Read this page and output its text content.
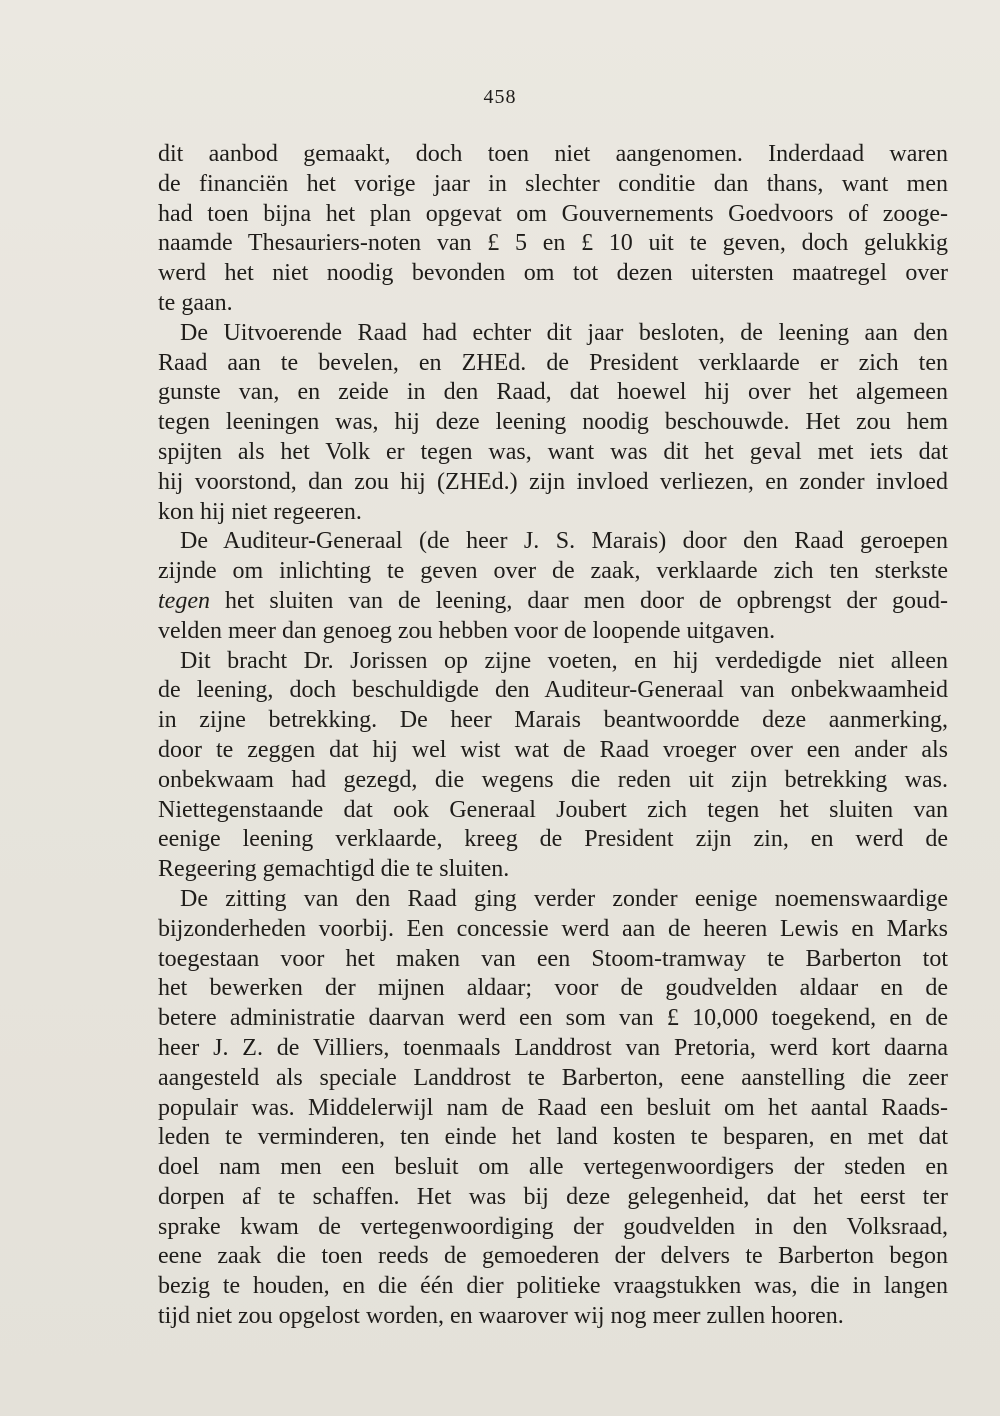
458
dit aanbod gemaakt, doch toen niet aangenomen. Inderdaad waren
de financiën het vorige jaar in slechter conditie dan thans, want men
had toen bijna het plan opgevat om Gouvernements Goedvoors of zooge-
naamde Thesauriers-noten van £ 5 en £ 10 uit te geven, doch gelukkig
werd het niet noodig bevonden om tot dezen uitersten maatregel over
te gaan.
De Uitvoerende Raad had echter dit jaar besloten, de leening aan den
Raad aan te bevelen, en ZHEd. de President verklaarde er zich ten
gunste van, en zeide in den Raad, dat hoewel hij over het algemeen
tegen leeningen was, hij deze leening noodig beschouwde. Het zou hem
spijten als het Volk er tegen was, want was dit het geval met iets dat
hij voorstond, dan zou hij (ZHEd.) zijn invloed verliezen, en zonder invloed
kon hij niet regeeren.
De Auditeur-Generaal (de heer J. S. Marais) door den Raad geroepen
zijnde om inlichting te geven over de zaak, verklaarde zich ten sterkste
tegen het sluiten van de leening, daar men door de opbrengst der goud-
velden meer dan genoeg zou hebben voor de loopende uitgaven.
Dit bracht Dr. Jorissen op zijne voeten, en hij verdedigde niet alleen
de leening, doch beschuldigde den Auditeur-Generaal van onbekwaamheid
in zijne betrekking. De heer Marais beantwoordde deze aanmerking,
door te zeggen dat hij wel wist wat de Raad vroeger over een ander als
onbekwaam had gezegd, die wegens die reden uit zijn betrekking was.
Niettegenstaande dat ook Generaal Joubert zich tegen het sluiten van
eenige leening verklaarde, kreeg de President zijn zin, en werd de
Regeering gemachtigd die te sluiten.
De zitting van den Raad ging verder zonder eenige noemenswaardige
bijzonderheden voorbij. Een concessie werd aan de heeren Lewis en Marks
toegestaan voor het maken van een Stoom-tramway te Barberton tot
het bewerken der mijnen aldaar; voor de goudvelden aldaar en de
betere administratie daarvan werd een som van £ 10,000 toegekend, en de
heer J. Z. de Villiers, toenmaals Landdrost van Pretoria, werd kort daarna
aangesteld als speciale Landdrost te Barberton, eene aanstelling die zeer
populair was. Middelerwijl nam de Raad een besluit om het aantal Raads-
leden te verminderen, ten einde het land kosten te besparen, en met dat
doel nam men een besluit om alle vertegenwoordigers der steden en
dorpen af te schaffen. Het was bij deze gelegenheid, dat het eerst ter
sprake kwam de vertegenwoordiging der goudvelden in den Volksraad,
eene zaak die toen reeds de gemoederen der delvers te Barberton begon
bezig te houden, en die één dier politieke vraagstukken was, die in langen
tijd niet zou opgelost worden, en waarover wij nog meer zullen hooren.
